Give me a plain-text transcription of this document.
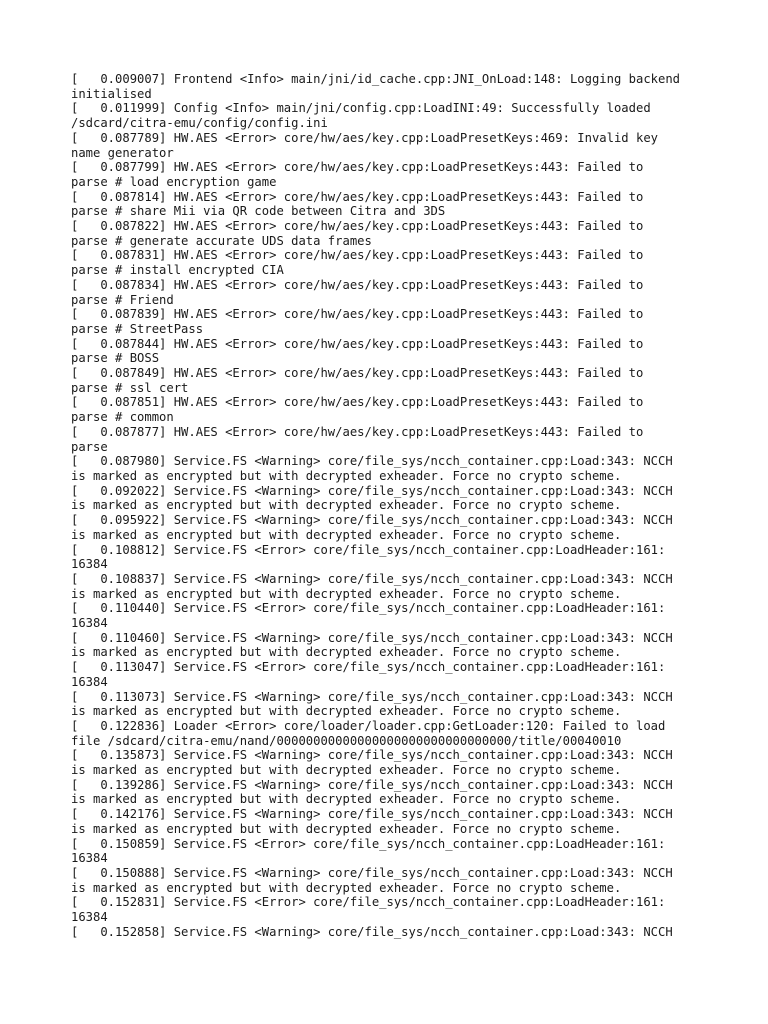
[   0.009007] Frontend <Info> main/jni/id_cache.cpp:JNI_OnLoad:148: Logging backend
initialised
[   0.011999] Config <Info> main/jni/config.cpp:LoadINI:49: Successfully loaded
/sdcard/citra-emu/config/config.ini
[   0.087789] HW.AES <Error> core/hw/aes/key.cpp:LoadPresetKeys:469: Invalid key
name generator
[   0.087799] HW.AES <Error> core/hw/aes/key.cpp:LoadPresetKeys:443: Failed to
parse # load encryption game
[   0.087814] HW.AES <Error> core/hw/aes/key.cpp:LoadPresetKeys:443: Failed to
parse # share Mii via QR code between Citra and 3DS
[   0.087822] HW.AES <Error> core/hw/aes/key.cpp:LoadPresetKeys:443: Failed to
parse # generate accurate UDS data frames
[   0.087831] HW.AES <Error> core/hw/aes/key.cpp:LoadPresetKeys:443: Failed to
parse # install encrypted CIA
[   0.087834] HW.AES <Error> core/hw/aes/key.cpp:LoadPresetKeys:443: Failed to
parse # Friend
[   0.087839] HW.AES <Error> core/hw/aes/key.cpp:LoadPresetKeys:443: Failed to
parse # StreetPass
[   0.087844] HW.AES <Error> core/hw/aes/key.cpp:LoadPresetKeys:443: Failed to
parse # BOSS
[   0.087849] HW.AES <Error> core/hw/aes/key.cpp:LoadPresetKeys:443: Failed to
parse # ssl cert
[   0.087851] HW.AES <Error> core/hw/aes/key.cpp:LoadPresetKeys:443: Failed to
parse # common
[   0.087877] HW.AES <Error> core/hw/aes/key.cpp:LoadPresetKeys:443: Failed to
parse
[   0.087980] Service.FS <Warning> core/file_sys/ncch_container.cpp:Load:343: NCCH
is marked as encrypted but with decrypted exheader. Force no crypto scheme.
[   0.092022] Service.FS <Warning> core/file_sys/ncch_container.cpp:Load:343: NCCH
is marked as encrypted but with decrypted exheader. Force no crypto scheme.
[   0.095922] Service.FS <Warning> core/file_sys/ncch_container.cpp:Load:343: NCCH
is marked as encrypted but with decrypted exheader. Force no crypto scheme.
[   0.108812] Service.FS <Error> core/file_sys/ncch_container.cpp:LoadHeader:161:
16384
[   0.108837] Service.FS <Warning> core/file_sys/ncch_container.cpp:Load:343: NCCH
is marked as encrypted but with decrypted exheader. Force no crypto scheme.
[   0.110440] Service.FS <Error> core/file_sys/ncch_container.cpp:LoadHeader:161:
16384
[   0.110460] Service.FS <Warning> core/file_sys/ncch_container.cpp:Load:343: NCCH
is marked as encrypted but with decrypted exheader. Force no crypto scheme.
[   0.113047] Service.FS <Error> core/file_sys/ncch_container.cpp:LoadHeader:161:
16384
[   0.113073] Service.FS <Warning> core/file_sys/ncch_container.cpp:Load:343: NCCH
is marked as encrypted but with decrypted exheader. Force no crypto scheme.
[   0.122836] Loader <Error> core/loader/loader.cpp:GetLoader:120: Failed to load
file /sdcard/citra-emu/nand/00000000000000000000000000000000/title/00040010
[   0.135873] Service.FS <Warning> core/file_sys/ncch_container.cpp:Load:343: NCCH
is marked as encrypted but with decrypted exheader. Force no crypto scheme.
[   0.139286] Service.FS <Warning> core/file_sys/ncch_container.cpp:Load:343: NCCH
is marked as encrypted but with decrypted exheader. Force no crypto scheme.
[   0.142176] Service.FS <Warning> core/file_sys/ncch_container.cpp:Load:343: NCCH
is marked as encrypted but with decrypted exheader. Force no crypto scheme.
[   0.150859] Service.FS <Error> core/file_sys/ncch_container.cpp:LoadHeader:161:
16384
[   0.150888] Service.FS <Warning> core/file_sys/ncch_container.cpp:Load:343: NCCH
is marked as encrypted but with decrypted exheader. Force no crypto scheme.
[   0.152831] Service.FS <Error> core/file_sys/ncch_container.cpp:LoadHeader:161:
16384
[   0.152858] Service.FS <Warning> core/file_sys/ncch_container.cpp:Load:343: NCCH
